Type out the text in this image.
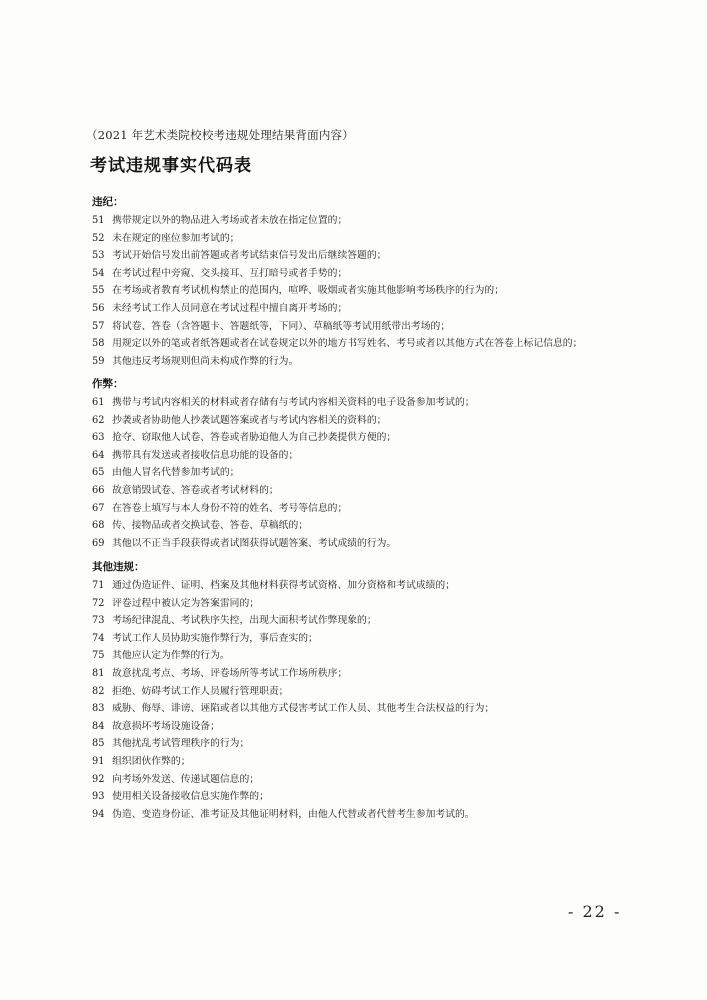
（2021 年艺术类院校校考违规处理结果背面内容）
考试违规事实代码表
违纪：
51 携带规定以外的物品进入考场或者未放在指定位置的；
52 未在规定的座位参加考试的；
53 考试开始信号发出前答题或者考试结束信号发出后继续答题的；
54 在考试过程中旁窥、交头接耳、互打暗号或者手势的；
55 在考场或者教育考试机构禁止的范围内，喧哗、吸烟或者实施其他影响考场秩序的行为的；
56 未经考试工作人员同意在考试过程中擅自离开考场的；
57 将试卷、答卷（含答题卡、答题纸等，下同）、草稿纸等考试用纸带出考场的；
58 用规定以外的笔或者纸答题或者在试卷规定以外的地方书写姓名、考号或者以其他方式在答卷上标记信息的；
59 其他违反考场规则但尚未构成作弊的行为。
作弊：
61 携带与考试内容相关的材料或者存储有与考试内容相关资料的电子设备参加考试的；
62 抄袭或者协助他人抄袭试题答案或者与考试内容相关的资料的；
63 抢夺、窃取他人试卷、答卷或者胁迫他人为自己抄袭提供方便的；
64 携带具有发送或者接收信息功能的设备的；
65 由他人冒名代替参加考试的；
66 故意销毁试卷、答卷或者考试材料的；
67 在答卷上填写与本人身份不符的姓名、考号等信息的；
68 传、接物品或者交换试卷、答卷、草稿纸的；
69 其他以不正当手段获得或者试图获得试题答案、考试成绩的行为。
其他违规：
71 通过伪造证件、证明、档案及其他材料获得考试资格、加分资格和考试成绩的；
72 评卷过程中被认定为答案雷同的；
73 考场纪律混乱、考试秩序失控，出现大面积考试作弊现象的；
74 考试工作人员协助实施作弊行为，事后查实的；
75 其他应认定为作弊的行为。
81 故意扰乱考点、考场、评卷场所等考试工作场所秩序；
82 拒绝、妨碍考试工作人员履行管理职责；
83 威胁、侮辱、诽谤、诬陷或者以其他方式侵害考试工作人员、其他考生合法权益的行为；
84 故意损坏考场设施设备；
85 其他扰乱考试管理秩序的行为；
91 组织团伙作弊的；
92 向考场外发送、传递试题信息的；
93 使用相关设备接收信息实施作弊的；
94 伪造、变造身份证、准考证及其他证明材料，由他人代替或者代替考生参加考试的。
- 22 -
